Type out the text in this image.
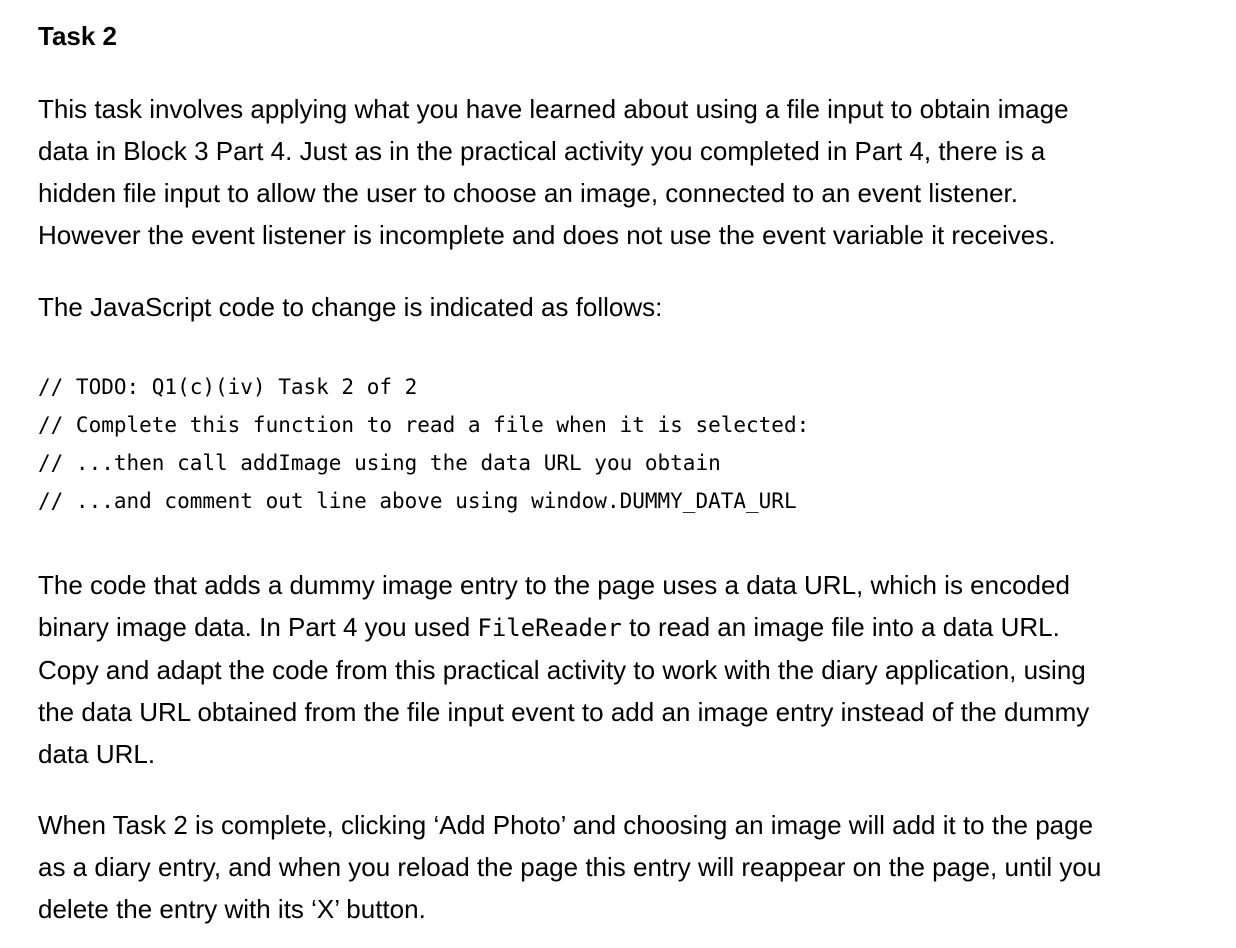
Task 2

This task involves applying what you have learned about using a file input to obtain image
data in Block 3 Part 4. Just as in the practical activity you completed in Part 4, there is a
hidden file input to allow the user to choose an image, connected to an event listener.
However the event listener is incomplete and does not use the event variable it receives.

The JavaScript code to change is indicated as follows:

// TODO: Q1(c)(iv) Task 2 of 2
// Complete this function to read a file when it is selected:
// ...then call addImage using the data URL you obtain
// ...and comment out line above using window.DUMMY_DATA_URL

The code that adds a dummy image entry to the page uses a data URL, which is encoded
binary image data. In Part 4 you used FileReader to read an image file into a data URL.
Copy and adapt the code from this practical activity to work with the diary application, using
the data URL obtained from the file input event to add an image entry instead of the dummy
data URL.

When Task 2 is complete, clicking ‘Add Photo’ and choosing an image will add it to the page
as a diary entry, and when you reload the page this entry will reappear on the page, until you
delete the entry with its ‘X’ button.
